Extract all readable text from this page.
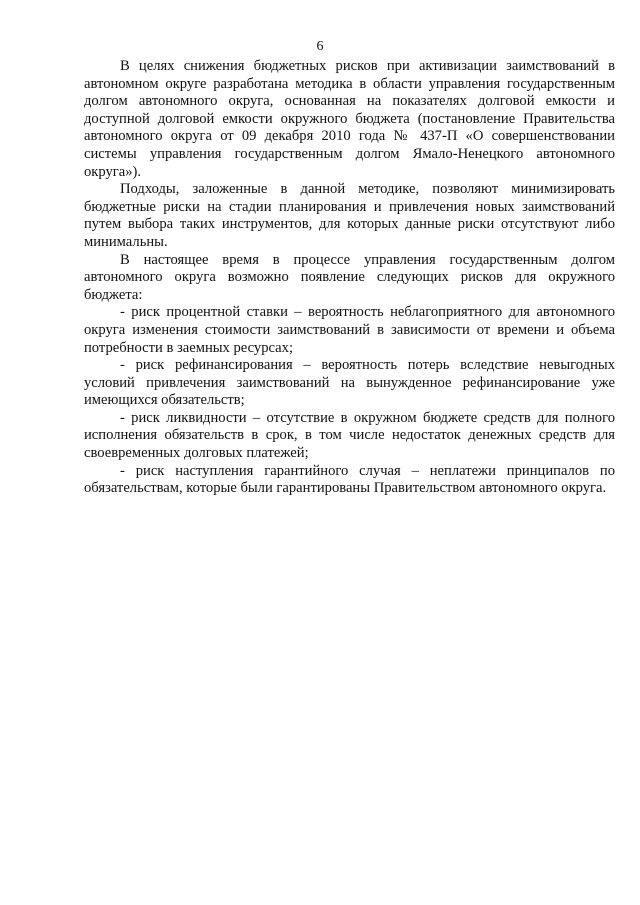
6

В целях снижения бюджетных рисков при активизации заимствований в автономном округе разработана методика в области управления государственным долгом автономного округа, основанная на показателях долговой емкости и доступной долговой емкости окружного бюджета (постановление Правительства автономного округа от 09 декабря 2010 года № 437-П «О совершенствовании системы управления государственным долгом Ямало-Ненецкого автономного округа»).

Подходы, заложенные в данной методике, позволяют минимизировать бюджетные риски на стадии планирования и привлечения новых заимствований путем выбора таких инструментов, для которых данные риски отсутствуют либо минимальны.

В настоящее время в процессе управления государственным долгом автономного округа возможно появление следующих рисков для окружного бюджета:

- риск процентной ставки – вероятность неблагоприятного для автономного округа изменения стоимости заимствований в зависимости от времени и объема потребности в заемных ресурсах;

- риск рефинансирования – вероятность потерь вследствие невыгодных условий привлечения заимствований на вынужденное рефинансирование уже имеющихся обязательств;

- риск ликвидности – отсутствие в окружном бюджете средств для полного исполнения обязательств в срок, в том числе недостаток денежных средств для своевременных долговых платежей;

- риск наступления гарантийного случая – неплатежи принципалов по обязательствам, которые были гарантированы Правительством автономного округа.
